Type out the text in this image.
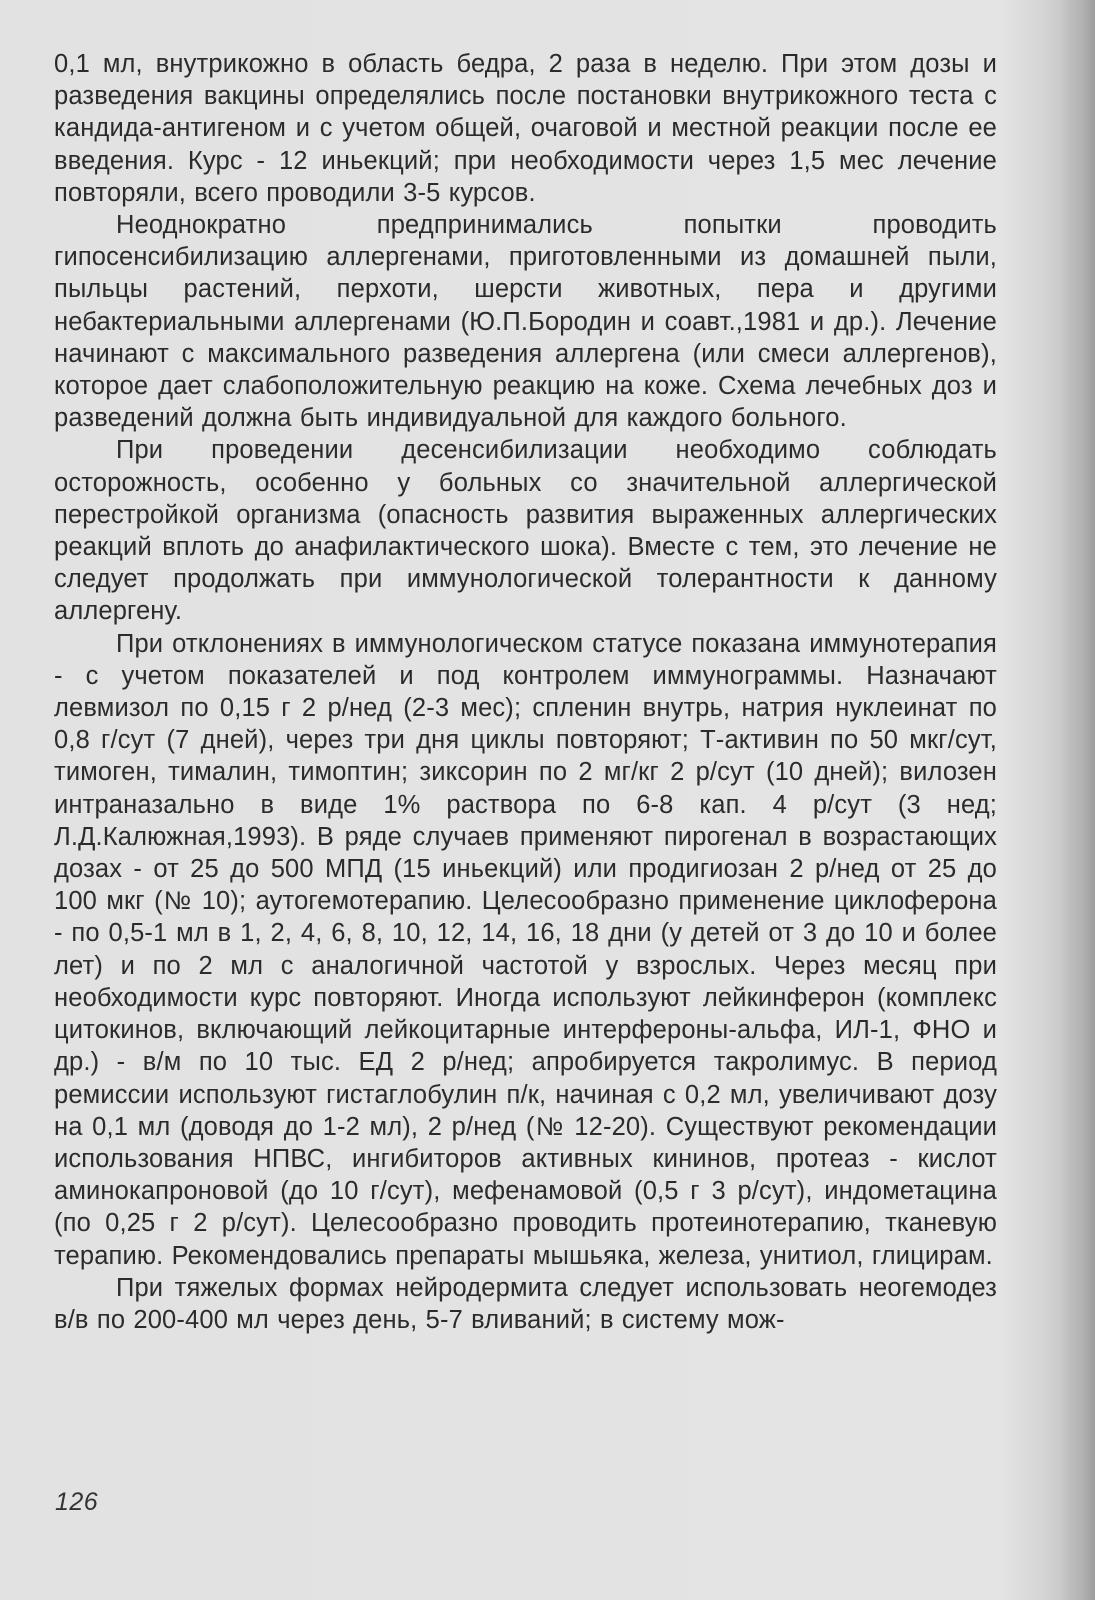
0,1 мл, внутрикожно в область бедра, 2 раза в неделю. При этом дозы и разведения вакцины определялись после постановки внутрикожного теста с кандида-антигеном и с учетом общей, очаговой и местной реакции после ее введения. Курс - 12 иньекций; при необходимости через 1,5 мес лечение повторяли, всего проводили 3-5 курсов.

Неоднократно предпринимались попытки проводить гипосенсибилизацию аллергенами, приготовленными из домашней пыли, пыльцы растений, перхоти, шерсти животных, пера и другими небактериальными аллергенами (Ю.П.Бородин и соавт.,1981 и др.). Лечение начинают с максимального разведения аллергена (или смеси аллергенов), которое дает слабоположительную реакцию на коже. Схема лечебных доз и разведений должна быть индивидуальной для каждого больного.

При проведении десенсибилизации необходимо соблюдать осторожность, особенно у больных со значительной аллергической перестройкой организма (опасность развития выраженных аллергических реакций вплоть до анафилактического шока). Вместе с тем, это лечение не следует продолжать при иммунологической толерантности к данному аллергену.

При отклонениях в иммунологическом статусе показана иммунотерапия - с учетом показателей и под контролем иммунограммы. Назначают левмизол по 0,15 г 2 р/нед (2-3 мес); спленин внутрь, натрия нуклеинат по 0,8 г/сут (7 дней), через три дня циклы повторяют; Т-активин по 50 мкг/сут, тимоген, тималин, тимоптин; зиксорин по 2 мг/кг 2 р/сут (10 дней); вилозен интраназально в виде 1% раствора по 6-8 кап. 4 р/сут (3 нед; Л.Д.Калюжная,1993). В ряде случаев применяют пирогенал в возрастающих дозах - от 25 до 500 МПД (15 иньекций) или продигиозан 2 р/нед от 25 до 100 мкг (№ 10); аутогемотерапию. Целесообразно применение циклоферона - по 0,5-1 мл в 1, 2, 4, 6, 8, 10, 12, 14, 16, 18 дни (у детей от 3 до 10 и более лет) и по 2 мл с аналогичной частотой у взрослых. Через месяц при необходимости курс повторяют. Иногда используют лейкинферон (комплекс цитокинов, включающий лейкоцитарные интерфероны-альфа, ИЛ-1, ФНО и др.) - в/м по 10 тыс. ЕД 2 р/нед; апробируется такролимус. В период ремиссии используют гистаглобулин п/к, начиная с 0,2 мл, увеличивают дозу на 0,1 мл (доводя до 1-2 мл), 2 р/нед (№ 12-20). Существуют рекомендации использования НПВС, ингибиторов активных кининов, протеаз - кислот аминокапроновой (до 10 г/сут), мефенамовой (0,5 г 3 р/сут), индометацина (по 0,25 г 2 р/сут). Целесообразно проводить протеинотерапию, тканевую терапию. Рекомендовались препараты мышьяка, железа, унитиол, глицирам.

При тяжелых формах нейродермита следует использовать неогемодез в/в по 200-400 мл через день, 5-7 вливаний; в систему мож-

126
